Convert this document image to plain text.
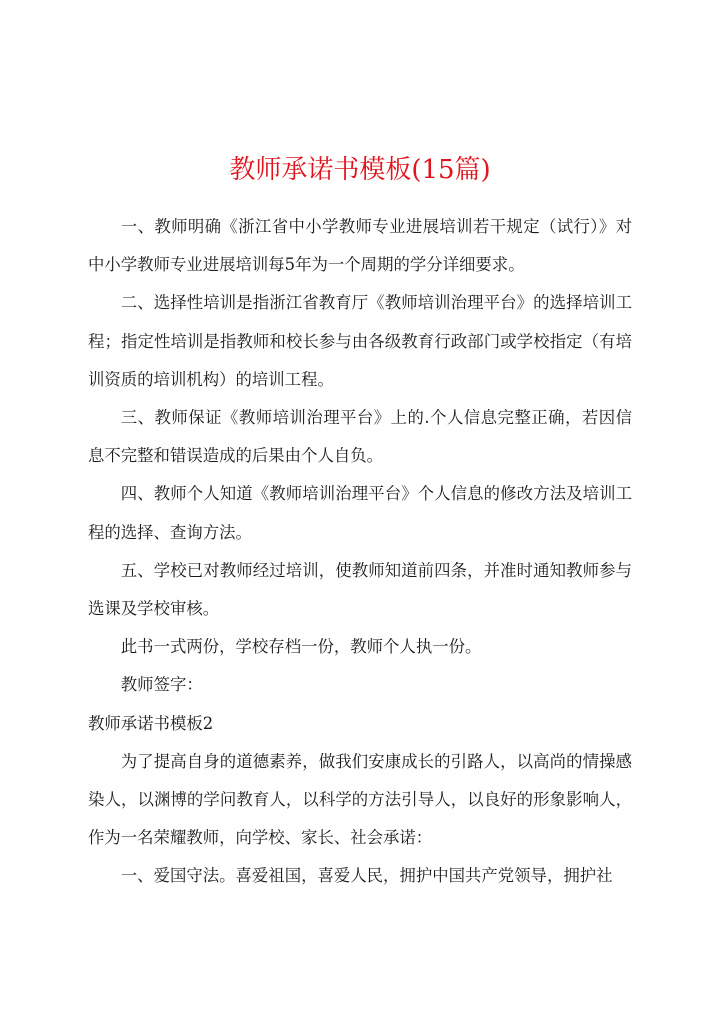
教师承诺书模板(15篇)

一、教师明确《浙江省中小学教师专业进展培训若干规定（试行）》对中小学教师专业进展培训每5年为一个周期的学分详细要求。

二、选择性培训是指浙江省教育厅《教师培训治理平台》的选择培训工程；指定性培训是指教师和校长参与由各级教育行政部门或学校指定（有培训资质的培训机构）的培训工程。

三、教师保证《教师培训治理平台》上的.个人信息完整正确，若因信息不完整和错误造成的后果由个人自负。

四、教师个人知道《教师培训治理平台》个人信息的修改方法及培训工程的选择、查询方法。

五、学校已对教师经过培训，使教师知道前四条，并准时通知教师参与选课及学校审核。

此书一式两份，学校存档一份，教师个人执一份。

教师签字：

教师承诺书模板2

为了提高自身的道德素养，做我们安康成长的引路人，以高尚的情操感染人，以渊博的学问教育人，以科学的方法引导人，以良好的形象影响人，作为一名荣耀教师，向学校、家长、社会承诺：

一、爱国守法。喜爱祖国，喜爱人民，拥护中国共产党领导，拥护社
